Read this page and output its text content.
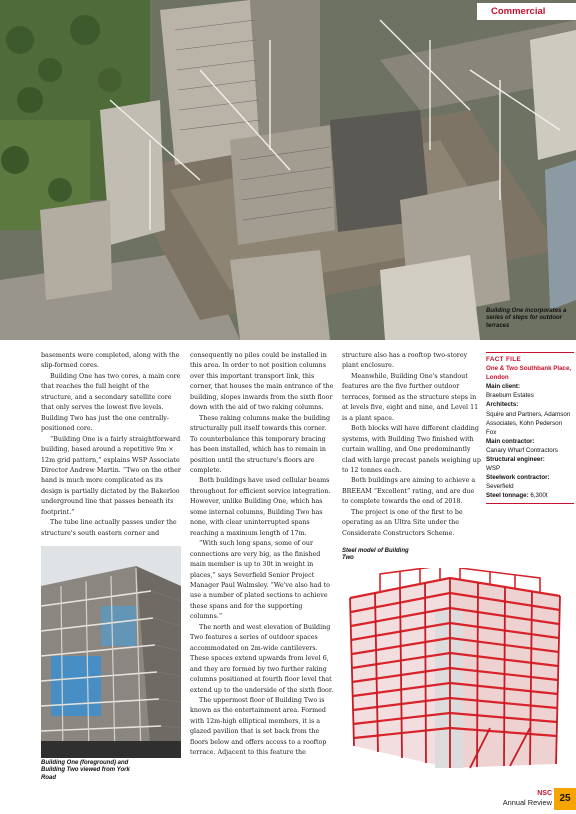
Commercial
Building One incorporates a series of steps for outdoor terraces

basements were completed, along with the slip-formed cores.

Building One has two cores, a main core that reaches the full height of the structure, and a secondary satellite core that only serves the lowest five levels. Building Two has just the one centrally-positioned core.

“Building One is a fairly straightforward building, based around a repetitive 9m × 12m grid pattern,” explains WSP Associate Director Andrew Martin. “Two on the other hand is much more complicated as its design is partially dictated by the Bakerloo underground line that passes beneath its footprint.”

The tube line actually passes under the structure's south eastern corner and

consequently no piles could be installed in this area. In order to not position columns over this important transport link, this corner, that houses the main entrance of the building, slopes inwards from the sixth floor down with the aid of two raking columns.

These raking columns make the building structurally pull itself towards this corner. To counterbalance this temporary bracing has been installed, which has to remain in position until the structure's floors are complete.

Both buildings have used cellular beams throughout for efficient service integration. However, unlike Building One, which has some internal columns, Building Two has none, with clear uninterrupted spans reaching a maximum length of 17m.

“With such long spans, some of our connections are very big, as the finished main member is up to 30t in weight in places,” says Severfield Senior Project Manager Paul Walmsley. “We've also had to use a number of plated sections to achieve these spans and for the supporting columns.”

The north and west elevation of Building Two features a series of outdoor spaces accommodated on 2m-wide cantilevers. These spaces extend upwards from level 6, and they are formed by two further raking columns positioned at fourth floor level that extend up to the underside of the sixth floor.

The uppermost floor of Building Two is known as the entertainment area. Formed with 12m-high elliptical members, it is a glazed pavilion that is set back from the floors below and offers access to a rooftop terrace. Adjacent to this feature the

structure also has a rooftop two-storey plant enclosure.

Meanwhile, Building One's standout features are the five further outdoor terraces, formed as the structure steps in at levels five, eight and nine, and Level 11 is a plant space.

Both blocks will have different cladding systems, with Building Two finished with curtain walling, and One predominantly clad with large precast panels weighing up to 12 tonnes each.

Both buildings are aiming to achieve a BREEAM “Excellent” rating, and are due to complete towards the end of 2018.

The project is one of the first to be operating as an Ultra Site under the Considerate Constructors Scheme.

FACT FILE
One & Two Southbank Place, London
Main client:
Braeburn Estates
Architects:
Squire and Partners, Adamson Associates, Kohn Pederson Fox
Main contractor:
Canary Wharf Contractors
Structural engineer:
WSP
Steelwork contractor:
Severfield
Steel tonnage: 6,300t
Building One (foreground) and Building Two viewed from York Road
Steel model of Building Two
NSC
Annual Review 25
